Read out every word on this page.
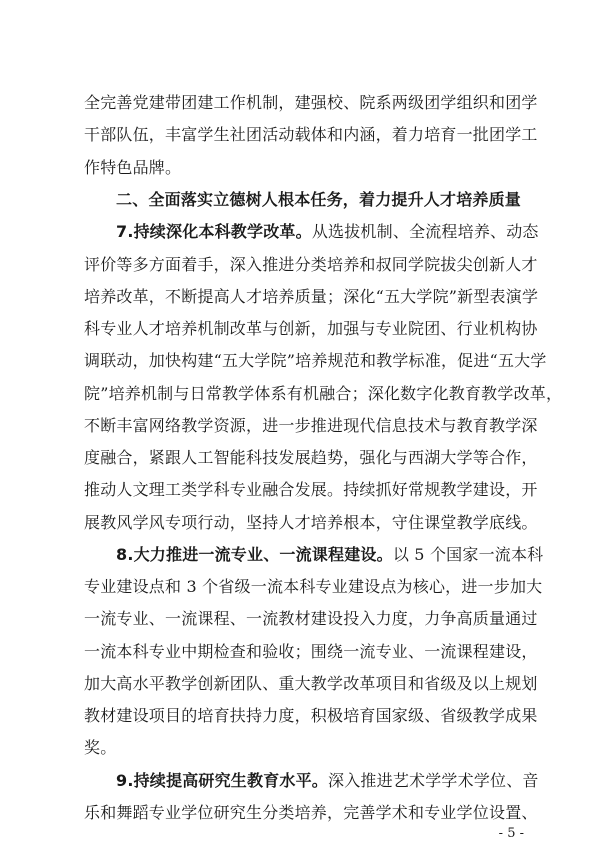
全完善党建带团建工作机制，建强校、院系两级团学组织和团学
干部队伍，丰富学生社团活动载体和内涵，着力培育一批团学工
作特色品牌。
二、全面落实立德树人根本任务，着力提升人才培养质量
7.持续深化本科教学改革。从选拔机制、全流程培养、动态
评价等多方面着手，深入推进分类培养和叔同学院拔尖创新人才
培养改革，不断提高人才培养质量；深化“五大学院”新型表演学
科专业人才培养机制改革与创新，加强与专业院团、行业机构协
调联动，加快构建“五大学院”培养规范和教学标准，促进“五大学
院”培养机制与日常教学体系有机融合；深化数字化教育教学改革，
不断丰富网络教学资源，进一步推进现代信息技术与教育教学深
度融合，紧跟人工智能科技发展趋势，强化与西湖大学等合作，
推动人文理工类学科专业融合发展。持续抓好常规教学建设，开
展教风学风专项行动，坚持人才培养根本，守住课堂教学底线。
8.大力推进一流专业、一流课程建设。以 5 个国家一流本科
专业建设点和 3 个省级一流本科专业建设点为核心，进一步加大
一流专业、一流课程、一流教材建设投入力度，力争高质量通过
一流本科专业中期检查和验收；围绕一流专业、一流课程建设，
加大高水平教学创新团队、重大教学改革项目和省级及以上规划
教材建设项目的培育扶持力度，积极培育国家级、省级教学成果
奖。
9.持续提高研究生教育水平。深入推进艺术学学术学位、音
乐和舞蹈专业学位研究生分类培养，完善学术和专业学位设置、
- 5 -
